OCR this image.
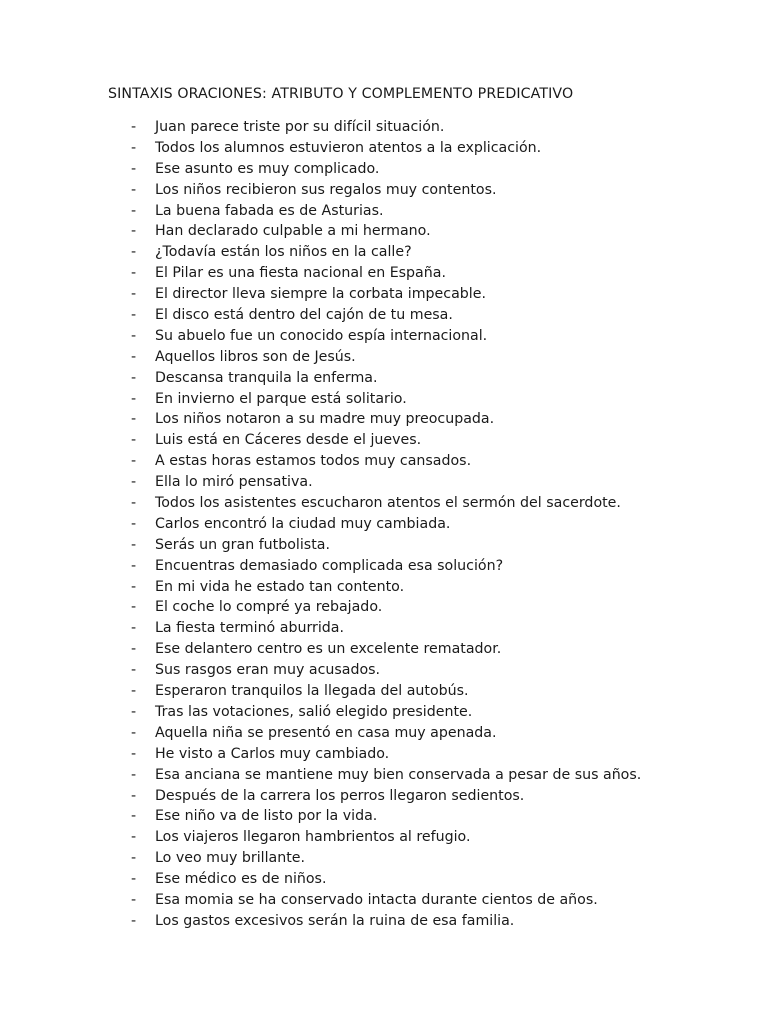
SINTAXIS ORACIONES: ATRIBUTO Y COMPLEMENTO PREDICATIVO
- Juan parece triste por su difícil situación.
- Todos los alumnos estuvieron atentos a la explicación.
- Ese asunto es muy complicado.
- Los niños recibieron sus regalos muy contentos.
- La buena fabada es de Asturias.
- Han declarado culpable a mi hermano.
- ¿Todavía están los niños en la calle?
- El Pilar es una fiesta nacional en España.
- El director lleva siempre la corbata impecable.
- El disco está dentro del cajón de tu mesa.
- Su abuelo fue un conocido espía internacional.
- Aquellos libros son de Jesús.
- Descansa tranquila la enferma.
- En invierno el parque está solitario.
- Los niños notaron a su madre muy preocupada.
- Luis está en Cáceres desde el jueves.
- A estas horas estamos todos muy cansados.
- Ella lo miró pensativa.
- Todos los asistentes escucharon atentos el sermón del sacerdote.
- Carlos encontró la ciudad muy cambiada.
- Serás un gran futbolista.
- Encuentras demasiado complicada esa solución?
- En mi vida he estado tan contento.
- El coche lo compré ya rebajado.
- La fiesta terminó aburrida.
- Ese delantero centro es un excelente rematador.
- Sus rasgos eran muy acusados.
- Esperaron tranquilos la llegada del autobús.
- Tras las votaciones, salió elegido presidente.
- Aquella niña se presentó en casa muy apenada.
- He visto a Carlos muy cambiado.
- Esa anciana se mantiene muy bien conservada a pesar de sus años.
- Después de la carrera los perros llegaron sedientos.
- Ese niño va de listo por la vida.
- Los viajeros llegaron hambrientos al refugio.
- Lo veo muy brillante.
- Ese médico es de niños.
- Esa momia se ha conservado intacta durante cientos de años.
- Los gastos excesivos serán la ruina de esa familia.
